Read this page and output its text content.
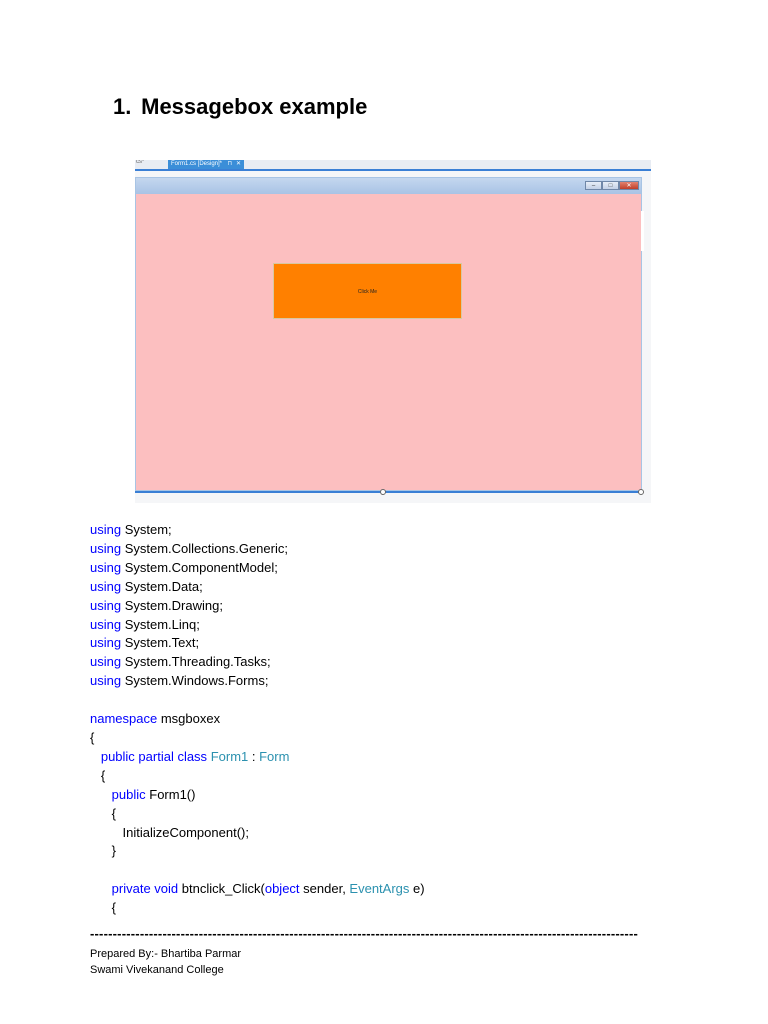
1. Messagebox example
cs*	Form1.cs [Design]* ⊓ ✕
–	□	✕
Click Me
using System;
using System.Collections.Generic;
using System.ComponentModel;
using System.Data;
using System.Drawing;
using System.Linq;
using System.Text;
using System.Threading.Tasks;
using System.Windows.Forms;

namespace msgboxex
{
public partial class Form1 : Form
{
public Form1()
{
InitializeComponent();
}

private void btnclick_Click(object sender, EventArgs e)
{
-------------------------------------------------------------------------------------------------------------------------
Prepared By:- Bhartiba Parmar
Swami Vivekanand College
